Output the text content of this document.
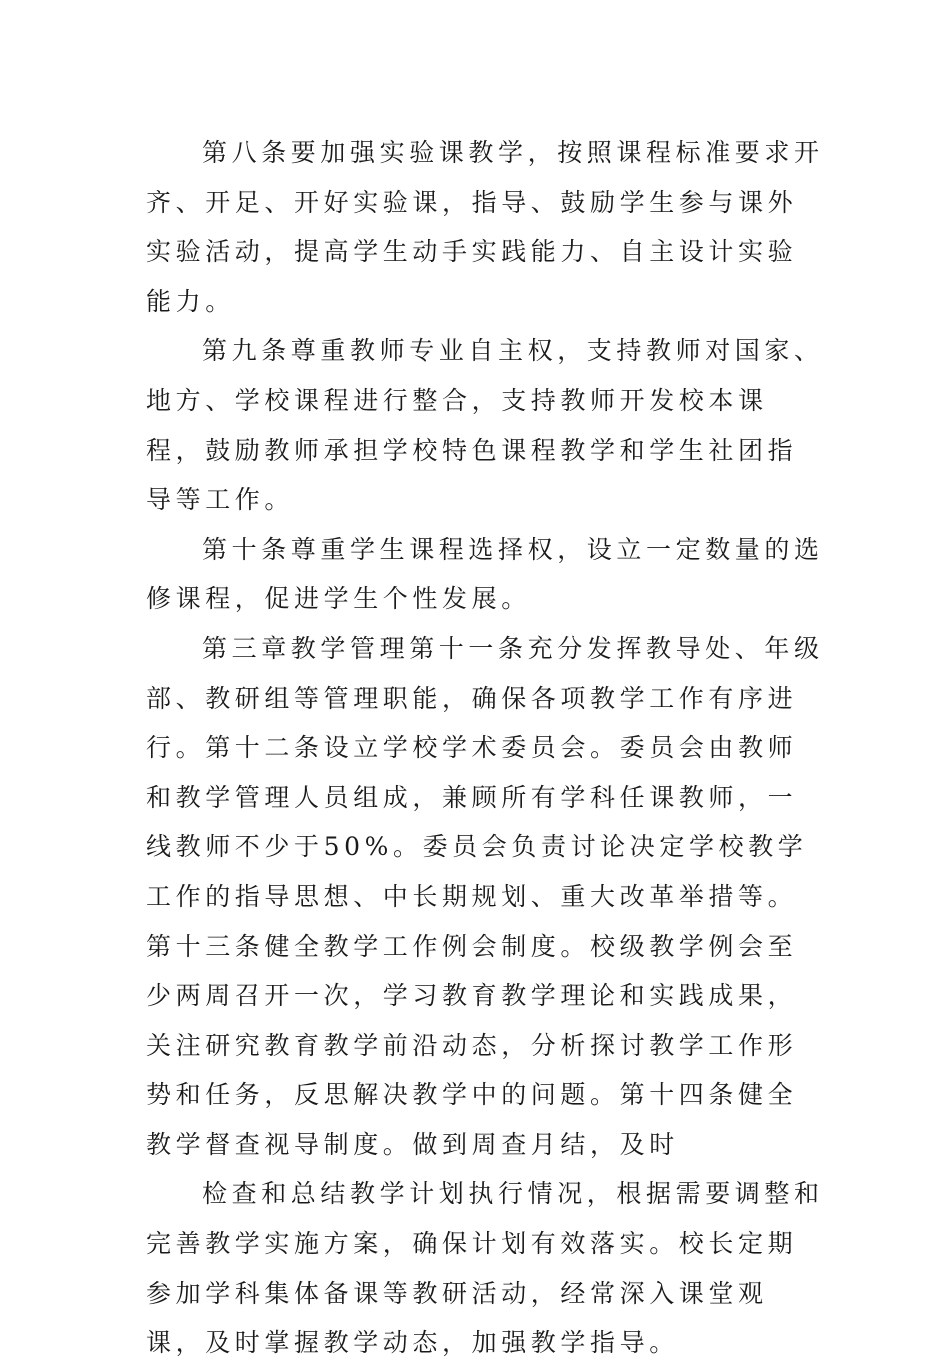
第八条要加强实验课教学，按照课程标准要求开齐、开足、开好实验课，指导、鼓励学生参与课外实验活动，提高学生动手实践能力、自主设计实验能力。

第九条尊重教师专业自主权，支持教师对国家、地方、学校课程进行整合，支持教师开发校本课程，鼓励教师承担学校特色课程教学和学生社团指导等工作。

第十条尊重学生课程选择权，设立一定数量的选修课程，促进学生个性发展。

第三章教学管理第十一条充分发挥教导处、年级部、教研组等管理职能，确保各项教学工作有序进行。第十二条设立学校学术委员会。委员会由教师和教学管理人员组成，兼顾所有学科任课教师，一线教师不少于50%。委员会负责讨论决定学校教学工作的指导思想、中长期规划、重大改革举措等。第十三条健全教学工作例会制度。校级教学例会至少两周召开一次，学习教育教学理论和实践成果，关注研究教育教学前沿动态，分析探讨教学工作形势和任务，反思解决教学中的问题。第十四条健全教学督查视导制度。做到周查月结，及时

检查和总结教学计划执行情况，根据需要调整和完善教学实施方案，确保计划有效落实。校长定期参加学科集体备课等教研活动，经常深入课堂观课，及时掌握教学动态，加强教学指导。
